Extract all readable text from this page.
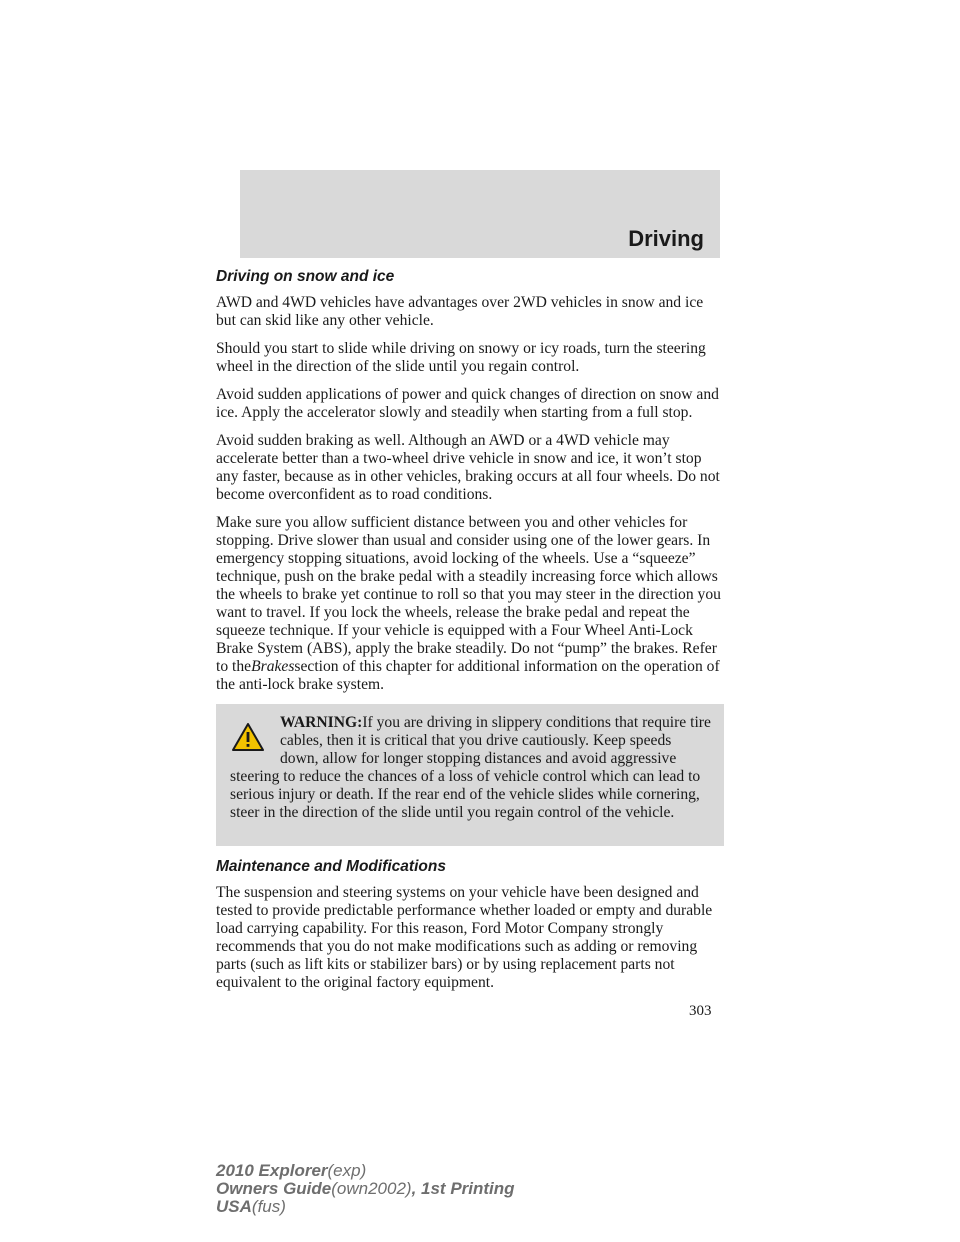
Driving
Driving on snow and ice

AWD and 4WD vehicles have advantages over 2WD vehicles in snow and ice but can skid like any other vehicle.

Should you start to slide while driving on snowy or icy roads, turn the steering wheel in the direction of the slide until you regain control.

Avoid sudden applications of power and quick changes of direction on snow and ice. Apply the accelerator slowly and steadily when starting from a full stop.

Avoid sudden braking as well. Although an AWD or a 4WD vehicle may accelerate better than a two-wheel drive vehicle in snow and ice, it won’t stop any faster, because as in other vehicles, braking occurs at all four wheels. Do not become overconfident as to road conditions.

Make sure you allow sufficient distance between you and other vehicles for stopping. Drive slower than usual and consider using one of the lower gears. In emergency stopping situations, avoid locking of the wheels. Use a “squeeze” technique, push on the brake pedal with a steadily increasing force which allows the wheels to brake yet continue to roll so that you may steer in the direction you want to travel. If you lock the wheels, release the brake pedal and repeat the squeeze technique. If your vehicle is equipped with a Four Wheel Anti-Lock Brake System (ABS), apply the brake steadily. Do not “pump” the brakes. Refer to theBrakessection of this chapter for additional information on the operation of the anti-lock brake system.

WARNING:If you are driving in slippery conditions that require tire cables, then it is critical that you drive cautiously. Keep speeds down, allow for longer stopping distances and avoid aggressive steering to reduce the chances of a loss of vehicle control which can lead to serious injury or death. If the rear end of the vehicle slides while cornering, steer in the direction of the slide until you regain control of the vehicle.

Maintenance and Modifications

The suspension and steering systems on your vehicle have been designed and tested to provide predictable performance whether loaded or empty and durable load carrying capability. For this reason, Ford Motor Company strongly recommends that you do not make modifications such as adding or removing parts (such as lift kits or stabilizer bars) or by using replacement parts not equivalent to the original factory equipment.

303
2010 Explorer(exp)
Owners Guide(own2002), 1st Printing
USA(fus)
